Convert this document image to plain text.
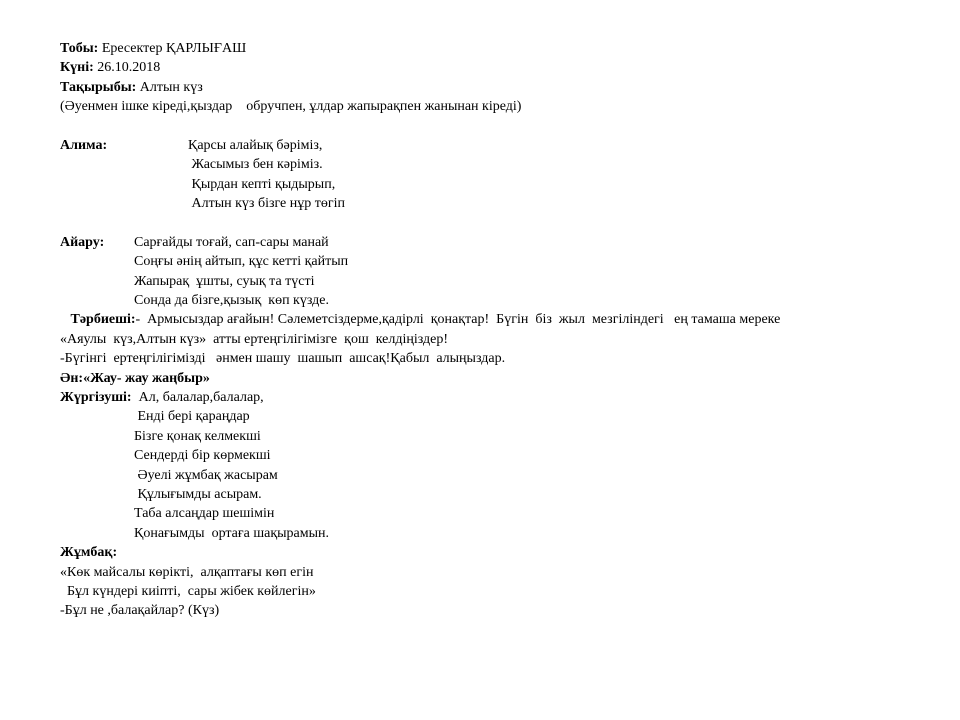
Тобы: Ересектер ҚАРЛЫҒАШ
Күні: 26.10.2018
Тақырыбы: Алтын күз
(Әуенмен ішке кіреді,қыздар    обручпен, ұлдар жапырақпен жанынан кіреді)
Алима:	Қарсы алайық бәріміз,
Жасымыз бен кәріміз.
Қырдан кепті қыдырып,
Алтын күз бізге нұр төгіп
Айару: Сарғайды тоғай, сап-сары манай
Соңғы әнің айтып, құс кетті қайтып
Жапырақ  ұшты, суық та түсті
Сонда да бізге,қызық  көп күзде.
Тәрбиеші:-  Армысыздар ағайын! Сәлеметсіздерме,қадірлі  қонақтар!  Бүгін  біз  жыл  мезгіліндегі   ең тамаша мереке
«Аяулы  күз,Алтын күз»  атты ертеңгілігімізге  қош  келдіңіздер!
-Бүгінгі  ертеңгілігімізді   әнмен шашу  шашып  ашсақ!Қабыл  алыңыздар.
Ән:«Жау- жау жаңбыр»
Жүргізуші:  Ал, балалар,балалар,
Енді бері қараңдар
Бізге қонақ келмекші
Сендерді бір көрмекші
Әуелі жұмбақ жасырам
Құлығымды асырам.
Таба алсаңдар шешімін
Қонағымды  ортаға шақырамын.
Жұмбақ:
«Көк майсалы көрікті,  алқаптағы көп егін
Бұл күндері киіпті,  сары жібек көйлегін»
-Бұл не ,балақайлар? (Күз)
